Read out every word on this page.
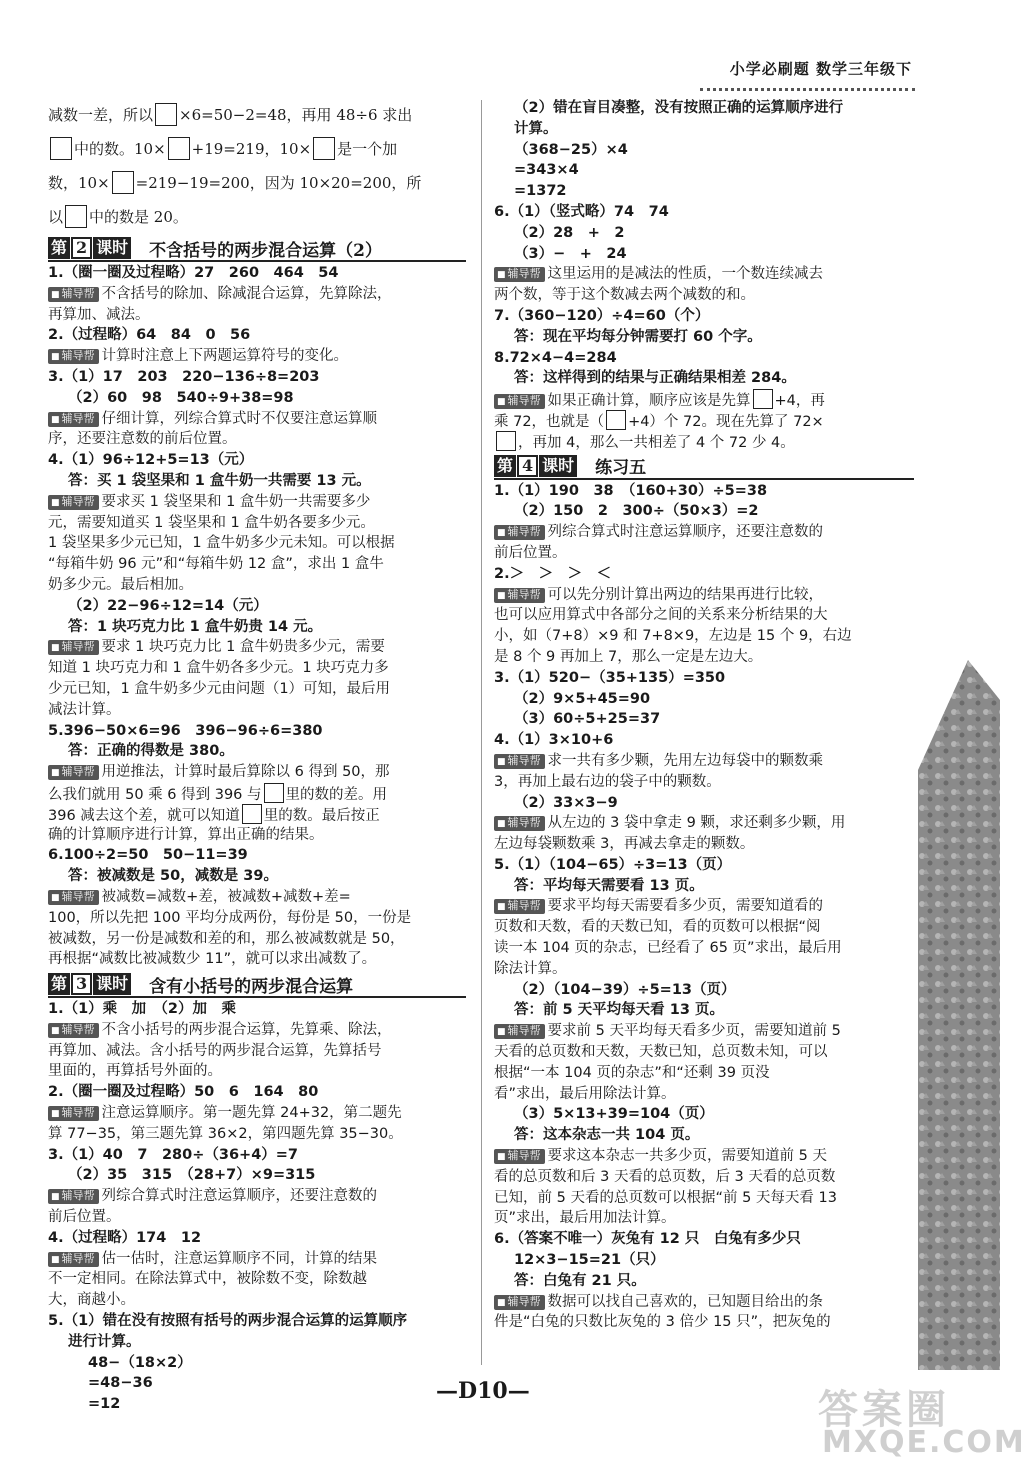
小学必刷题 数学三年级下
减数一差，所以 ×6=50−2=48，再用 48÷6 求出
中的数。10× +19=219，10× 是一个加
数，10× =219−19=200，因为 10×20=200，所
以 中的数是 20。
第 2 课时 不含括号的两步混合运算（2）
1.（圈一圈及过程略）27　260　464　54
■ 辅导帮 不含括号的除加、除减混合运算，先算除法，
再算加、减法。
2.（过程略）64　84　0　56
■ 辅导帮 计算时注意上下两题运算符号的变化。
3.（1）17　203　220−136÷8=203
（2）60　98　540÷9+38=98
■ 辅导帮 仔细计算，列综合算式时不仅要注意运算顺
序，还要注意数的前后位置。
4.（1）96÷12+5=13（元）
答：买 1 袋坚果和 1 盒牛奶一共需要 13 元。
■ 辅导帮 要求买 1 袋坚果和 1 盒牛奶一共需要多少
元，需要知道买 1 袋坚果和 1 盒牛奶各要多少元。
1 袋坚果多少元已知，1 盒牛奶多少元未知。可以根据
“每箱牛奶 96 元”和“每箱牛奶 12 盒”，求出 1 盒牛
奶多少元。最后相加。
（2）22−96÷12=14（元）
答：1 块巧克力比 1 盒牛奶贵 14 元。
■ 辅导帮 要求 1 块巧克力比 1 盒牛奶贵多少元，需要
知道 1 块巧克力和 1 盒牛奶各多少元。1 块巧克力多
少元已知，1 盒牛奶多少元由问题（1）可知，最后用
减法计算。
5.396−50×6=96　396−96÷6=380
答：正确的得数是 380。
■ 辅导帮 用逆推法，计算时最后算除以 6 得到 50，那
么我们就用 50 乘 6 得到 396 与 里的数的差。用
396 减去这个差，就可以知道 里的数。最后按正
确的计算顺序进行计算，算出正确的结果。
6.100÷2=50　50−11=39
答：被减数是 50，减数是 39。
■ 辅导帮 被减数=减数+差，被减数+减数+差=
100，所以先把 100 平均分成两份，每份是 50，一份是
被减数，另一份是减数和差的和，那么被减数就是 50，
再根据“减数比被减数少 11”，就可以求出减数了。
第 3 课时 含有小括号的两步混合运算
1.（1）乘　加　（2）加　乘
■ 辅导帮 不含小括号的两步混合运算，先算乘、除法，
再算加、减法。含小括号的两步混合运算，先算括号
里面的，再算括号外面的。
2.（圈一圈及过程略）50　6　164　80
■ 辅导帮 注意运算顺序。第一题先算 24+32，第二题先
算 77−35，第三题先算 36×2，第四题先算 35−30。
3.（1）40　7　280÷（36+4）=7
（2）35　315　（28+7）×9=315
■ 辅导帮 列综合算式时注意运算顺序，还要注意数的
前后位置。
4.（过程略）174　12
■ 辅导帮 估一估时，注意运算顺序不同，计算的结果
不一定相同。在除法算式中，被除数不变，除数越
大，商越小。
5.（1）错在没有按照有括号的两步混合运算的运算顺序
进行计算。
48−（18×2）
=48−36
=12
（2）错在盲目凑整，没有按照正确的运算顺序进行
计算。
（368−25）×4
=343×4
=1372
6.（1）（竖式略）74　74
（2）28　+　2
（3）−　+　24
■ 辅导帮 这里运用的是减法的性质，一个数连续减去
两个数，等于这个数减去两个减数的和。
7.（360−120）÷4=60（个）
答：现在平均每分钟需要打 60 个字。
8.72×4−4=284
答：这样得到的结果与正确结果相差 284。
■ 辅导帮 如果正确计算，顺序应该是先算 +4，再
乘 72，也就是（ +4）个 72。现在先算了 72×
，再加 4，那么一共相差了 4 个 72 少 4。
第 4 课时 练习五
1.（1）190　38　（160+30）÷5=38
（2）150　2　300÷（50×3）=2
■ 辅导帮 列综合算式时注意运算顺序，还要注意数的
前后位置。
2.＞　＞　＞　＜
■ 辅导帮 可以先分别计算出两边的结果再进行比较，
也可以应用算式中各部分之间的关系来分析结果的大
小，如（7+8）×9 和 7+8×9，左边是 15 个 9，右边
是 8 个 9 再加上 7，那么一定是左边大。
3.（1）520−（35+135）=350
（2）9×5+45=90
（3）60÷5+25=37
4.（1）3×10+6
■ 辅导帮 求一共有多少颗，先用左边每袋中的颗数乘
3，再加上最右边的袋子中的颗数。
（2）33×3−9
■ 辅导帮 从左边的 3 袋中拿走 9 颗，求还剩多少颗，用
左边每袋颗数乘 3，再减去拿走的颗数。
5.（1）（104−65）÷3=13（页）
答：平均每天需要看 13 页。
■ 辅导帮 要求平均每天需要看多少页，需要知道看的
页数和天数，看的天数已知，看的页数可以根据“阅
读一本 104 页的杂志，已经看了 65 页”求出，最后用
除法计算。
（2）（104−39）÷5=13（页）
答：前 5 天平均每天看 13 页。
■ 辅导帮 要求前 5 天平均每天看多少页，需要知道前 5
天看的总页数和天数，天数已知，总页数未知，可以
根据“一本 104 页的杂志”和“还剩 39 页没
看”求出，最后用除法计算。
（3）5×13+39=104（页）
答：这本杂志一共 104 页。
■ 辅导帮 要求这本杂志一共多少页，需要知道前 5 天
看的总页数和后 3 天看的总页数，后 3 天看的总页数
已知，前 5 天看的总页数可以根据“前 5 天每天看 13
页”求出，最后用加法计算。
6.（答案不唯一）灰兔有 12 只　白兔有多少只
12×3−15=21（只）
答：白兔有 21 只。
■ 辅导帮 数据可以找自己喜欢的，已知题目给出的条
件是“白兔的只数比灰兔的 3 倍少 15 只”，把灰兔的
—D10—	答案圈
MXQE.COM
